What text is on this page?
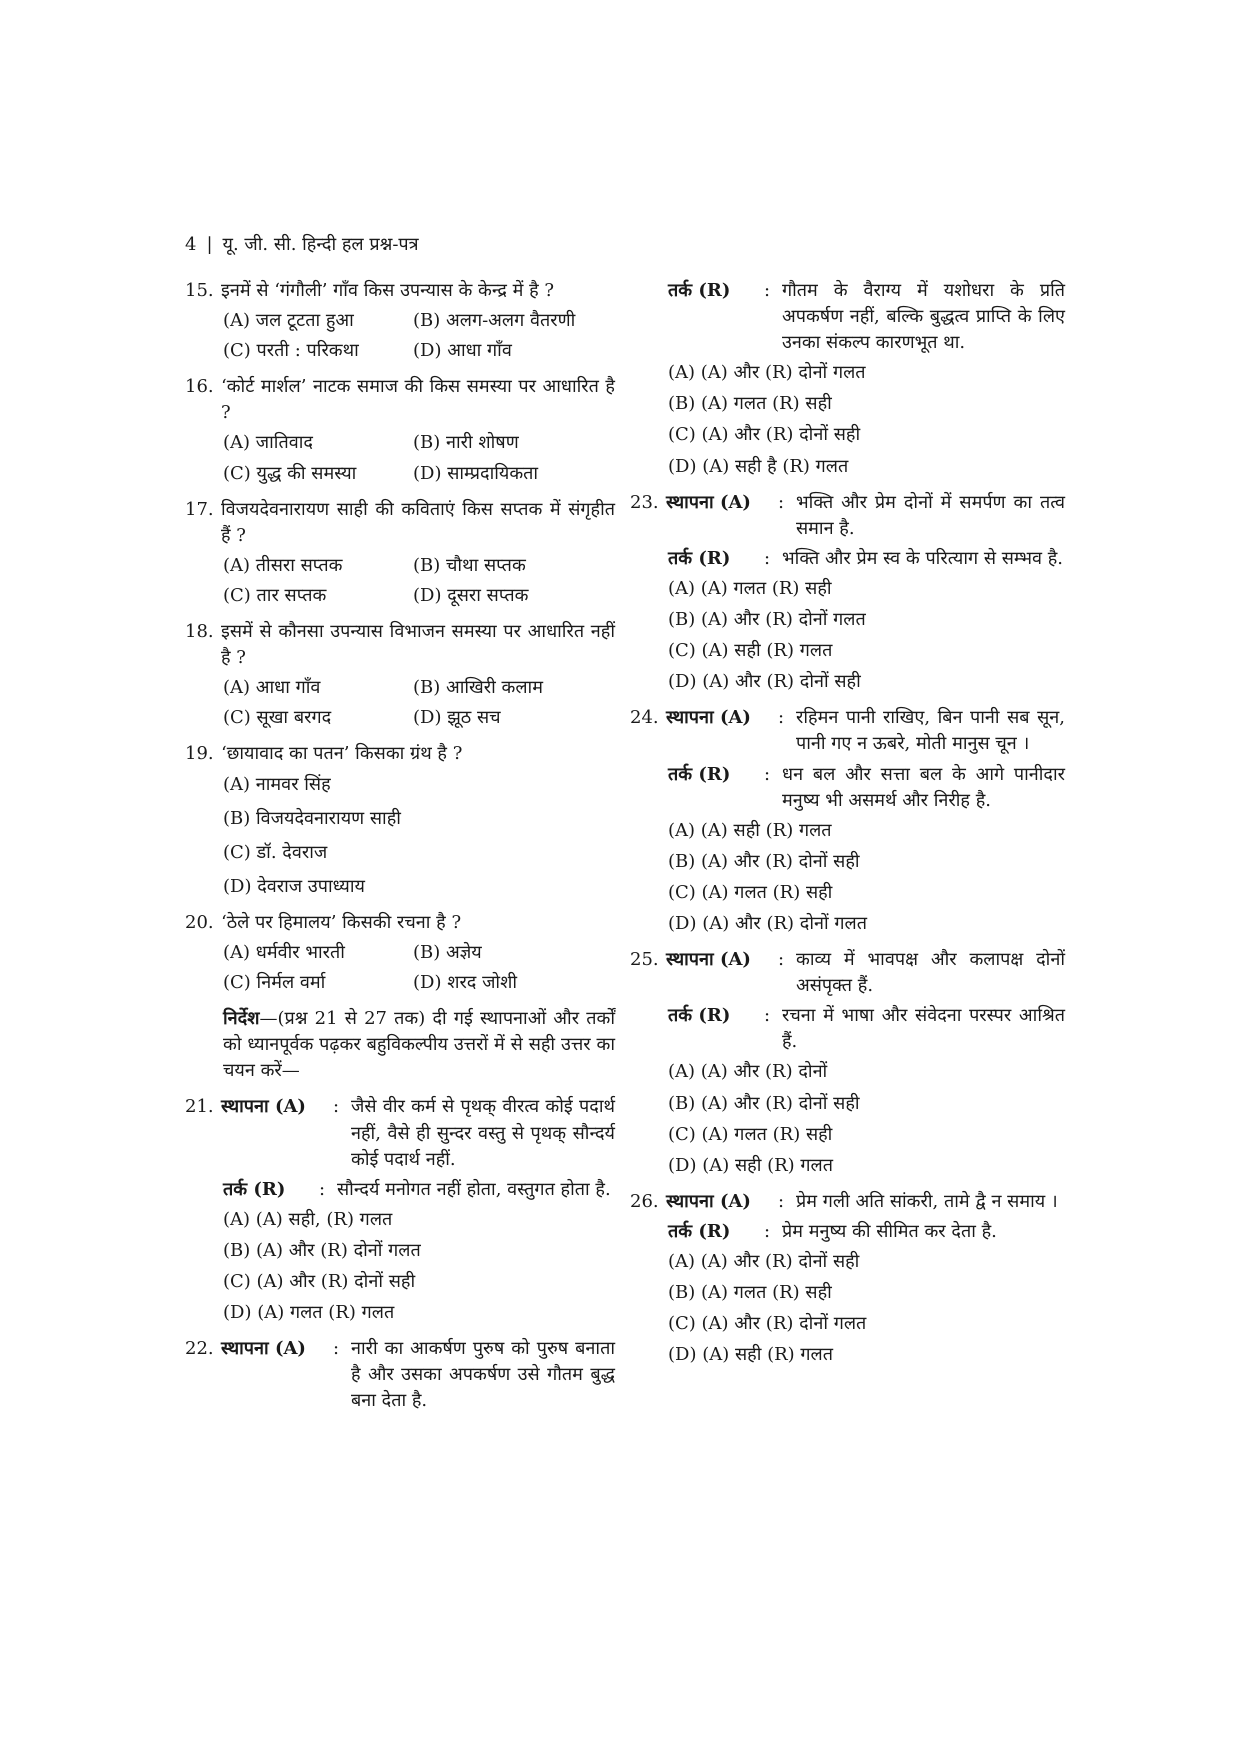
4 | यू. जी. सी. हिन्दी हल प्रश्न-पत्र
15. इनमें से ‘गंगौली’ गाँव किस उपन्यास के केन्द्र में है ?
(A) जल टूटता हुआ	(B) अलग-अलग वैतरणी
(C) परती : परिकथा	(D) आधा गाँव
16. ‘कोर्ट मार्शल’ नाटक समाज की किस समस्या पर आधारित है ?
(A) जातिवाद	(B) नारी शोषण
(C) युद्ध की समस्या	(D) साम्प्रदायिकता
17. विजयदेवनारायण साही की कविताएं किस सप्तक में संगृहीत हैं ?
(A) तीसरा सप्तक	(B) चौथा सप्तक
(C) तार सप्तक	(D) दूसरा सप्तक
18. इसमें से कौनसा उपन्यास विभाजन समस्या पर आधारित नहीं है ?
(A) आधा गाँव	(B) आखिरी कलाम
(C) सूखा बरगद	(D) झूठ सच
19. ‘छायावाद का पतन’ किसका ग्रंथ है ?
(A) नामवर सिंह
(B) विजयदेवनारायण साही
(C) डॉ. देवराज
(D) देवराज उपाध्याय
20. ‘ठेले पर हिमालय’ किसकी रचना है ?
(A) धर्मवीर भारती	(B) अज्ञेय
(C) निर्मल वर्मा	(D) शरद जोशी
निर्देश—(प्रश्न 21 से 27 तक) दी गई स्थापनाओं और तर्कों को ध्यानपूर्वक पढ़कर बहुविकल्पीय उत्तरों में से सही उत्तर का चयन करें—
21. स्थापना (A)	: जैसे वीर कर्म से पृथक् वीरत्व कोई पदार्थ नहीं, वैसे ही सुन्दर वस्तु से पृथक् सौन्दर्य कोई पदार्थ नहीं.
तर्क (R)	: सौन्दर्य मनोगत नहीं होता, वस्तुगत होता है.
(A) (A) सही, (R) गलत
(B) (A) और (R) दोनों गलत
(C) (A) और (R) दोनों सही
(D) (A) गलत (R) गलत
22. स्थापना (A)	: नारी का आकर्षण पुरुष को पुरुष बनाता है और उसका अपकर्षण उसे गौतम बुद्ध बना देता है.
तर्क (R)	: गौतम के वैराग्य में यशोधरा के प्रति अपकर्षण नहीं, बल्कि बुद्धत्व प्राप्ति के लिए उनका संकल्प कारणभूत था.
(A) (A) और (R) दोनों गलत
(B) (A) गलत (R) सही
(C) (A) और (R) दोनों सही
(D) (A) सही है (R) गलत
23. स्थापना (A)	: भक्ति और प्रेम दोनों में समर्पण का तत्व समान है.
तर्क (R)	: भक्ति और प्रेम स्व के परित्याग से सम्भव है.
(A) (A) गलत (R) सही
(B) (A) और (R) दोनों गलत
(C) (A) सही (R) गलत
(D) (A) और (R) दोनों सही
24. स्थापना (A)	: रहिमन पानी राखिए, बिन पानी सब सून, पानी गए न ऊबरे, मोती मानुस चून ।
तर्क (R)	: धन बल और सत्ता बल के आगे पानीदार मनुष्य भी असमर्थ और निरीह है.
(A) (A) सही (R) गलत
(B) (A) और (R) दोनों सही
(C) (A) गलत (R) सही
(D) (A) और (R) दोनों गलत
25. स्थापना (A)	: काव्य में भावपक्ष और कलापक्ष दोनों असंपृक्त हैं.
तर्क (R)	: रचना में भाषा और संवेदना परस्पर आश्रित हैं.
(A) (A) और (R) दोनों
(B) (A) और (R) दोनों सही
(C) (A) गलत (R) सही
(D) (A) सही (R) गलत
26. स्थापना (A)	: प्रेम गली अति सांकरी, तामे द्वै न समाय ।
तर्क (R)	: प्रेम मनुष्य की सीमित कर देता है.
(A) (A) और (R) दोनों सही
(B) (A) गलत (R) सही
(C) (A) और (R) दोनों गलत
(D) (A) सही (R) गलत
